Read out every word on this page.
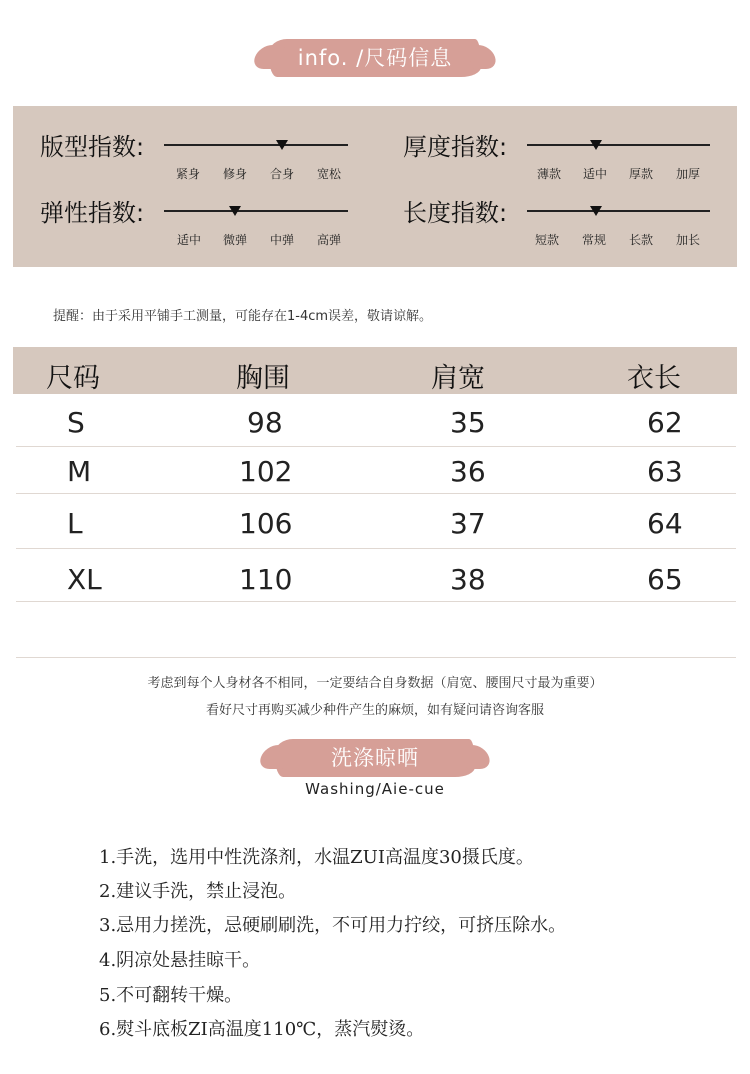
info. /尺码信息
版型指数:
紧身 修身 合身 宽松
厚度指数:
薄款 适中 厚款 加厚
弹性指数:
适中 微弹 中弹 高弹
长度指数:
短款 常规 长款 加长
提醒：由于采用平铺手工测量，可能存在1-4cm误差，敬请谅解。
尺码	胸围	肩宽	衣长
S	98	35	62
M	102	36	63
L	106	37	64
XL	110	38	65
考虑到每个人身材各不相同，一定要结合自身数据（肩宽、腰围尺寸最为重要）
看好尺寸再购买减少种件产生的麻烦，如有疑问请咨询客服
洗涤晾晒
Washing/Aie-cue
1.手洗，选用中性洗涤剂，水温ZUI高温度30摄氏度。
2.建议手洗，禁止浸泡。
3.忌用力搓洗，忌硬刷刷洗，不可用力拧绞，可挤压除水。
4.阴凉处悬挂晾干。
5.不可翻转干燥。
6.熨斗底板ZI高温度110℃，蒸汽熨烫。
